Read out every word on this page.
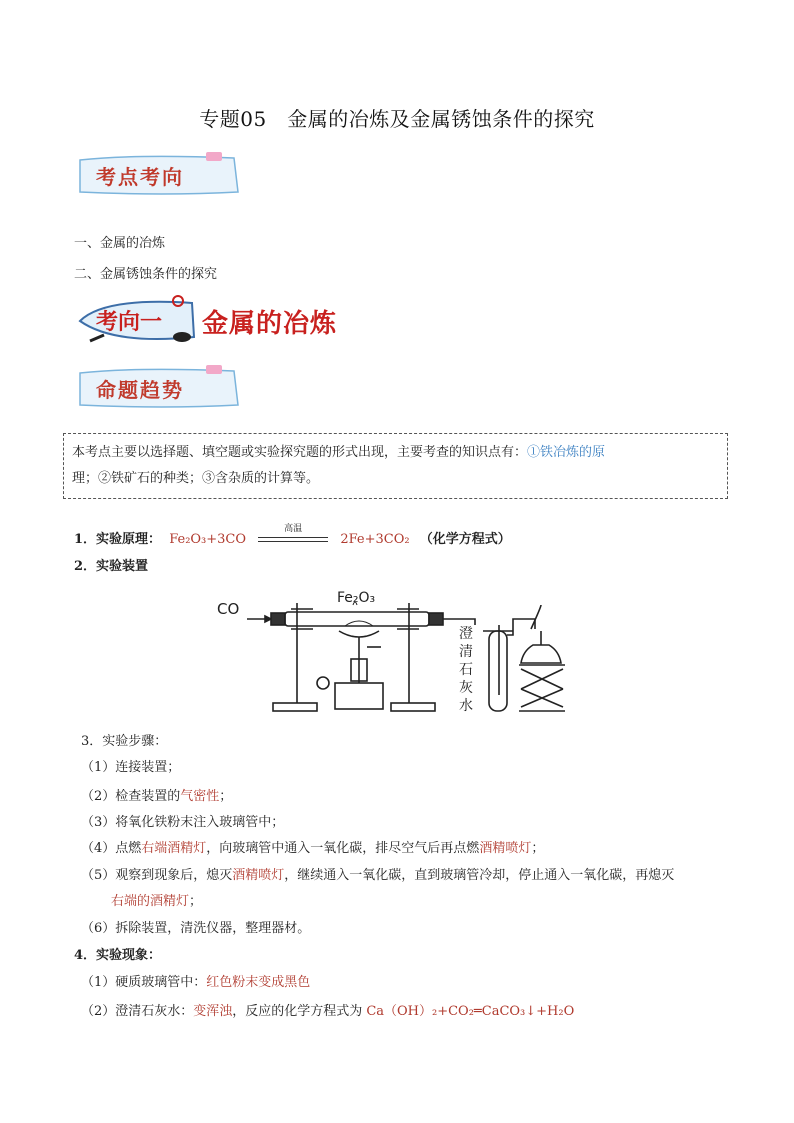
专题05　金属的冶炼及金属锈蚀条件的探究
考点考向
一、金属的冶炼
二、金属锈蚀条件的探究
考向一 金属的冶炼
命题趋势
本考点主要以选择题、填空题或实验探究题的形式出现，主要考查的知识点有：①铁冶炼的原
理；②铁矿石的种类；③含杂质的计算等。
1．实验原理： Fe₂O₃+3CO
高温
2Fe+3CO₂ （化学方程式）
2．实验装置
CO
Fe₂O₃
澄
清
石
灰
水
3．实验步骤：
（1）连接装置；
（2）检查装置的气密性；
（3）将氧化铁粉末注入玻璃管中；
（4）点燃右端酒精灯，向玻璃管中通入一氧化碳，排尽空气后再点燃酒精喷灯；
（5）观察到现象后，熄灭酒精喷灯，继续通入一氧化碳，直到玻璃管冷却，停止通入一氧化碳，再熄灭
右端的酒精灯；
（6）拆除装置，清洗仪器，整理器材。
4．实验现象：
（1）硬质玻璃管中：红色粉末变成黑色
（2）澄清石灰水：变浑浊，反应的化学方程式为 Ca（OH）₂+CO₂═CaCO₃↓+H₂O
